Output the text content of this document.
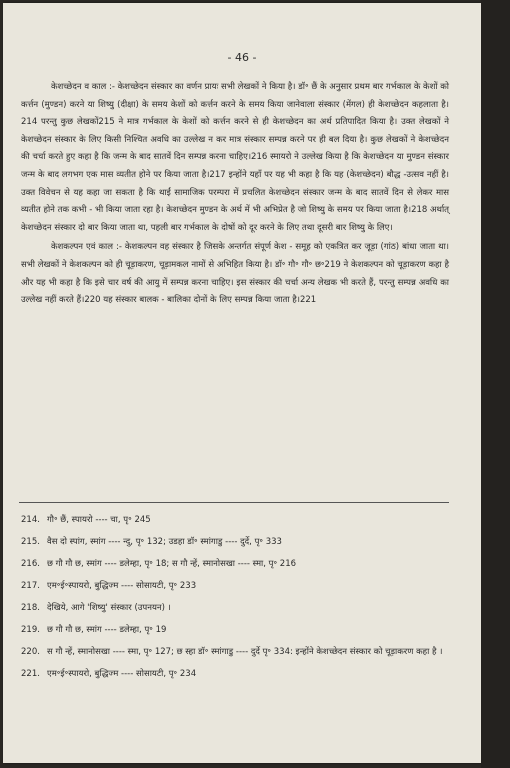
- 46 -

केशच्छेदन व काल :- केशच्छेदन संस्कार का वर्णन प्रायः सभी लेखकों ने किया है। डॉ॰ छैं के अनुसार प्रथम बार गर्भकाल के केशों को कर्त्तन (मुण्डन) करने या शिष्यु (दीक्षा) के समय केशों को कर्त्तन करने के समय किया जानेवाला संस्कार (मेंगल) ही केशच्छेदन कहलाता है।214 परन्तु कुछ लेखकों215 ने मात्र गर्भकाल के केशों को कर्त्तन करने से ही केशच्छेदन का अर्थ प्रतिपादित किया है। उक्त लेखकों ने केशच्छेदन संस्कार के लिए किसी निश्चित अवधि का उल्लेख न कर मात्र संस्कार सम्पन्न करने पर ही बल दिया है। कुछ लेखकों ने केशच्छेदन की चर्चा करते हुए कहा है कि जन्म के बाद सातवें दिन सम्पन्न करना चाहिए।216 स्मायरो ने उल्लेख किया है कि केशच्छेदन या मुण्डन संस्कार जन्म के बाद लगभग एक मास व्यतीत होने पर किया जाता है।217 इन्होंने यहाँ पर यह भी कहा है कि यह (केशच्छेदन) बौद्ध -उत्सव नहीं है। उक्त विवेचन से यह कहा जा सकता है कि थाईं सामाजिक परम्परा में प्रचलित केशच्छेदन संस्कार जन्म के बाद सातवें दिन से लेकर मास व्यतीत होने तक कभी - भी किया जाता रहा है। केशच्छेदन मुण्डन के अर्थ में भी अभिप्रेत है जो शिष्यु के समय पर किया जाता है।218 अर्थात् केशच्छेदन संस्कार दो बार किया जाता था, पहली बार गर्भकाल के दोषों को दूर करने के लिए तथा दूसरी बार शिष्यु के लिए।

केशकल्पन एवं काल :- केशकल्पन वह संस्कार है जिसके अन्तर्गत संपूर्ण केश - समूह को एकत्रित कर जूड़ा (गांठ) बांधा जाता था। सभी लेखकों ने केशकल्पन को ही चूड़ाकरण, चूड़ामकल नामों से अभिहित किया है। डॉ॰ गौ॰ गौ॰ छ॰219 ने केशकल्पन को चूड़ाकरण कहा है और यह भी कहा है कि इसे चार वर्ष की आयु में सम्पन्न करना चाहिए। इस संस्कार की चर्चा अन्य लेखक भी करते हैं, परन्तु सम्पन्न अवधि का उल्लेख नहीं करते हैं।220 यह संस्कार बालक - बालिका दोनों के लिए सम्पन्न किया जाता है।221

214. गौ॰ छैं, स्पायरो ---- चा, पृ॰ 245
215. वैस दो स्पांग, स्मांग ---- न्दु, पृ॰ 132; उडहा डॉ॰ स्मांगाडु ---- दुर्दे, पृ॰ 333
216. छ गौ गौ छ, स्मांग ---- डलेम्हा, पृ॰ 18; स गौ न्हें, स्मानोसखा ---- स्मा, पृ॰ 216
217. एम॰ई॰स्पायरो, बुद्धिज्म ---- सोसायटी, पृ॰ 233
218. देखिये, आगे 'शिष्यु' संस्कार (उपनयन) ।
219. छ गौ गौ छ, स्मांग ---- डलेम्हा, पृ॰ 19
220. स गौ न्हें, स्मानोसखा ---- स्मा, पृ॰ 127; छ स्हा डॉ॰ स्मांगाडु ---- दुर्दे पृ॰ 334: इन्होंने केशच्छेदन संस्कार को चूड़ाकरण कहा है ।
221. एम॰ई॰स्पायरो, बुद्धिज्म ---- सोसायटी, पृ॰ 234
